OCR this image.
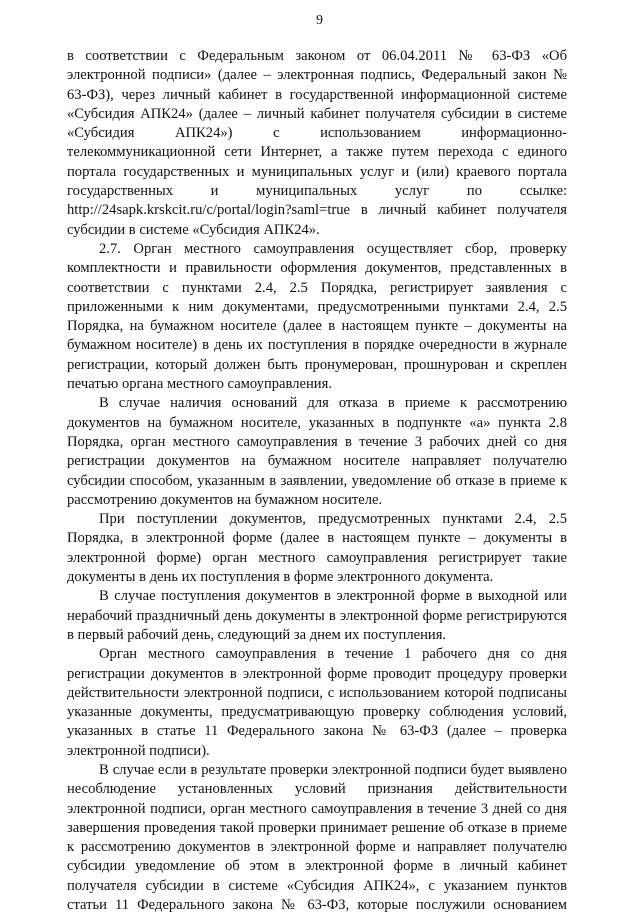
9

в соответствии с Федеральным законом от 06.04.2011 № 63-ФЗ «Об электронной подписи» (далее – электронная подпись, Федеральный закон № 63-ФЗ), через личный кабинет в государственной информационной системе «Субсидия АПК24» (далее – личный кабинет получателя субсидии в системе «Субсидия АПК24») с использованием информационно-телекоммуникационной сети Интернет, а также путем перехода с единого портала государственных и муниципальных услуг и (или) краевого портала государственных и муниципальных услуг по ссылке: http://24sapk.krskcit.ru/c/portal/login?saml=true в личный кабинет получателя субсидии в системе «Субсидия АПК24».

2.7. Орган местного самоуправления осуществляет сбор, проверку комплектности и правильности оформления документов, представленных в соответствии с пунктами 2.4, 2.5 Порядка, регистрирует заявления с приложенными к ним документами, предусмотренными пунктами 2.4, 2.5 Порядка, на бумажном носителе (далее в настоящем пункте – документы на бумажном носителе) в день их поступления в порядке очередности в журнале регистрации, который должен быть пронумерован, прошнурован и скреплен печатью органа местного самоуправления.

В случае наличия оснований для отказа в приеме к рассмотрению документов на бумажном носителе, указанных в подпункте «а» пункта 2.8 Порядка, орган местного самоуправления в течение 3 рабочих дней со дня регистрации документов на бумажном носителе направляет получателю субсидии способом, указанным в заявлении, уведомление об отказе в приеме к рассмотрению документов на бумажном носителе.

При поступлении документов, предусмотренных пунктами 2.4, 2.5 Порядка, в электронной форме (далее в настоящем пункте – документы в электронной форме) орган местного самоуправления регистрирует такие документы в день их поступления в форме электронного документа.

В случае поступления документов в электронной форме в выходной или нерабочий праздничный день документы в электронной форме регистрируются в первый рабочий день, следующий за днем их поступления.

Орган местного самоуправления в течение 1 рабочего дня со дня регистрации документов в электронной форме проводит процедуру проверки действительности электронной подписи, с использованием которой подписаны указанные документы, предусматривающую проверку соблюдения условий, указанных в статье 11 Федерального закона № 63-ФЗ (далее – проверка электронной подписи).

В случае если в результате проверки электронной подписи будет выявлено несоблюдение установленных условий признания действительности электронной подписи, орган местного самоуправления в течение 3 дней со дня завершения проведения такой проверки принимает решение об отказе в приеме к рассмотрению документов в электронной форме и направляет получателю субсидии уведомление об этом в электронной форме в личный кабинет получателя субсидии в системе «Субсидия АПК24», с указанием пунктов статьи 11 Федерального закона № 63-ФЗ, которые послужили основанием
